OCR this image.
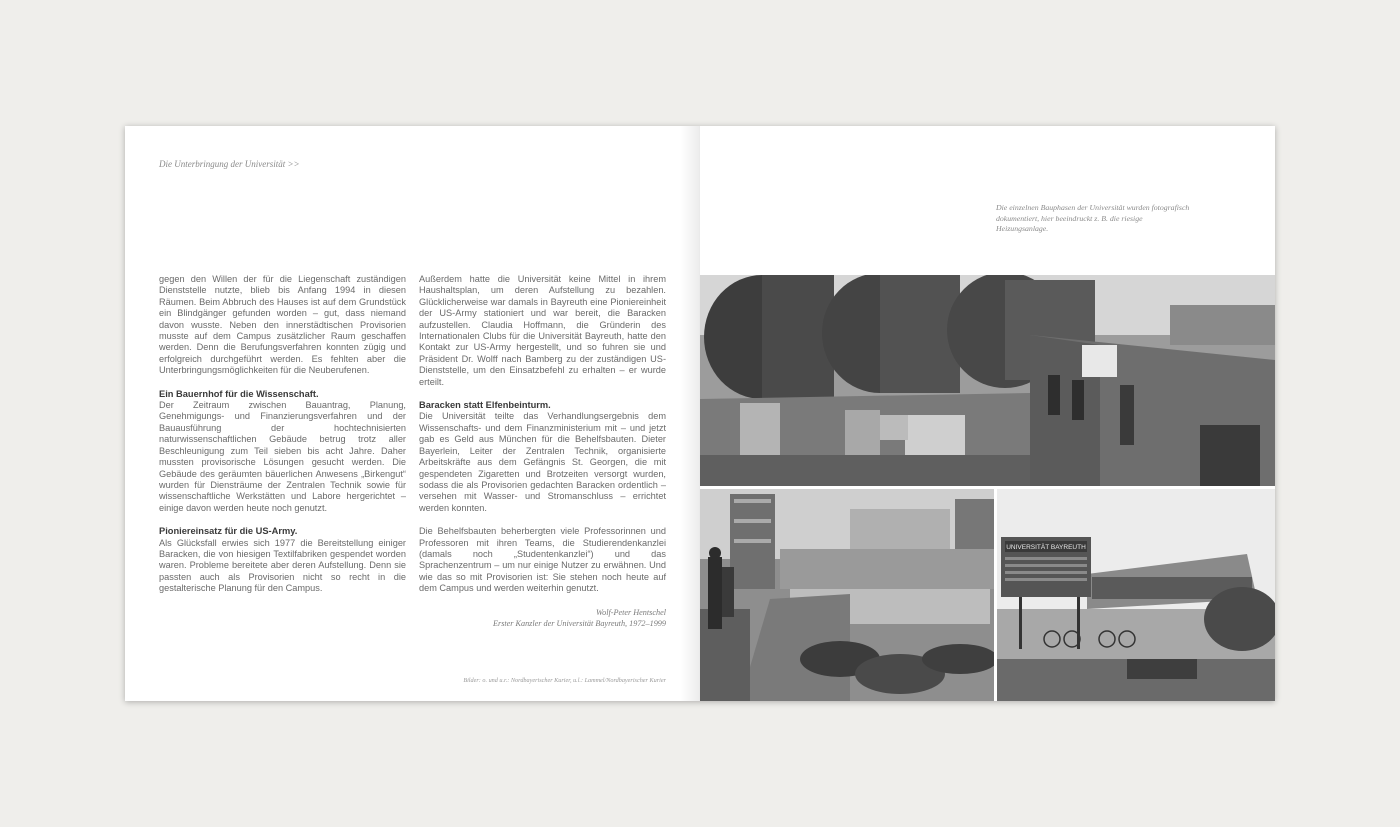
Die Unterbringung der Universität >>

gegen den Willen der für die Liegenschaft zuständigen Dienststelle nutzte, blieb bis Anfang 1994 in diesen Räumen. Beim Abbruch des Hauses ist auf dem Grundstück ein Blindgänger gefunden worden – gut, dass niemand davon wusste. Neben den innerstädtischen Provisorien musste auf dem Campus zusätzlicher Raum geschaffen werden. Denn die Berufungsverfahren konnten zügig und erfolgreich durchgeführt werden. Es fehlten aber die Unterbringungsmöglichkeiten für die Neuberufenen.

Ein Bauernhof für die Wissenschaft.

Der Zeitraum zwischen Bauantrag, Planung, Genehmigungs- und Finanzierungsverfahren und der Bauausführung der hochtechnisierten naturwissenschaftlichen Gebäude betrug trotz aller Beschleunigung zum Teil sieben bis acht Jahre. Daher mussten provisorische Lösungen gesucht werden. Die Gebäude des geräumten bäuerlichen Anwesens „Birkengut“ wurden für Diensträume der Zentralen Technik sowie für wissenschaftliche Werkstätten und Labore hergerichtet – einige davon werden heute noch genutzt.

Pioniereinsatz für die US-Army.

Als Glücksfall erwies sich 1977 die Bereitstellung einiger Baracken, die von hiesigen Textilfabriken gespendet worden waren. Probleme bereitete aber deren Aufstellung. Denn sie passten auch als Provisorien nicht so recht in die gestalterische Planung für den Campus.

Außerdem hatte die Universität keine Mittel in ihrem Haushaltsplan, um deren Aufstellung zu bezahlen. Glücklicherweise war damals in Bayreuth eine Pioniereinheit der US-Army stationiert und war bereit, die Baracken aufzustellen. Claudia Hoffmann, die Gründerin des Internationalen Clubs für die Universität Bayreuth, hatte den Kontakt zur US-Army hergestellt, und so fuhren sie und Präsident Dr. Wolff nach Bamberg zu der zuständigen US-Dienststelle, um den Einsatzbefehl zu erhalten – er wurde erteilt.

Baracken statt Elfenbeinturm.

Die Universität teilte das Verhandlungsergebnis dem Wissenschafts- und dem Finanzministerium mit – und jetzt gab es Geld aus München für die Behelfsbauten. Dieter Bayerlein, Leiter der Zentralen Technik, organisierte Arbeitskräfte aus dem Gefängnis St. Georgen, die mit gespendeten Zigaretten und Brotzeiten versorgt wurden, sodass die als Provisorien gedachten Baracken ordentlich – versehen mit Wasser- und Stromanschluss – errichtet werden konnten.

Die Behelfsbauten beherbergten viele Professorinnen und Professoren mit ihren Teams, die Studierendenkanzlei (damals noch „Studentenkanzlei“) und das Sprachenzentrum – um nur einige Nutzer zu erwähnen. Und wie das so mit Provisorien ist: Sie stehen noch heute auf dem Campus und werden weiterhin genutzt.

Wolf-Peter Hentschel
Erster Kanzler der Universität Bayreuth, 1972–1999
Bilder: o. und u.r.: Nordbayerischer Kurier, u.l.: Lammel/Nordbayerischer Kurier
Die einzelnen Bauphasen der Universität wurden fotografisch dokumentiert, hier beeindruckt z. B. die riesige Heizungsanlage.
UNIVERSITÄT BAYREUTH
